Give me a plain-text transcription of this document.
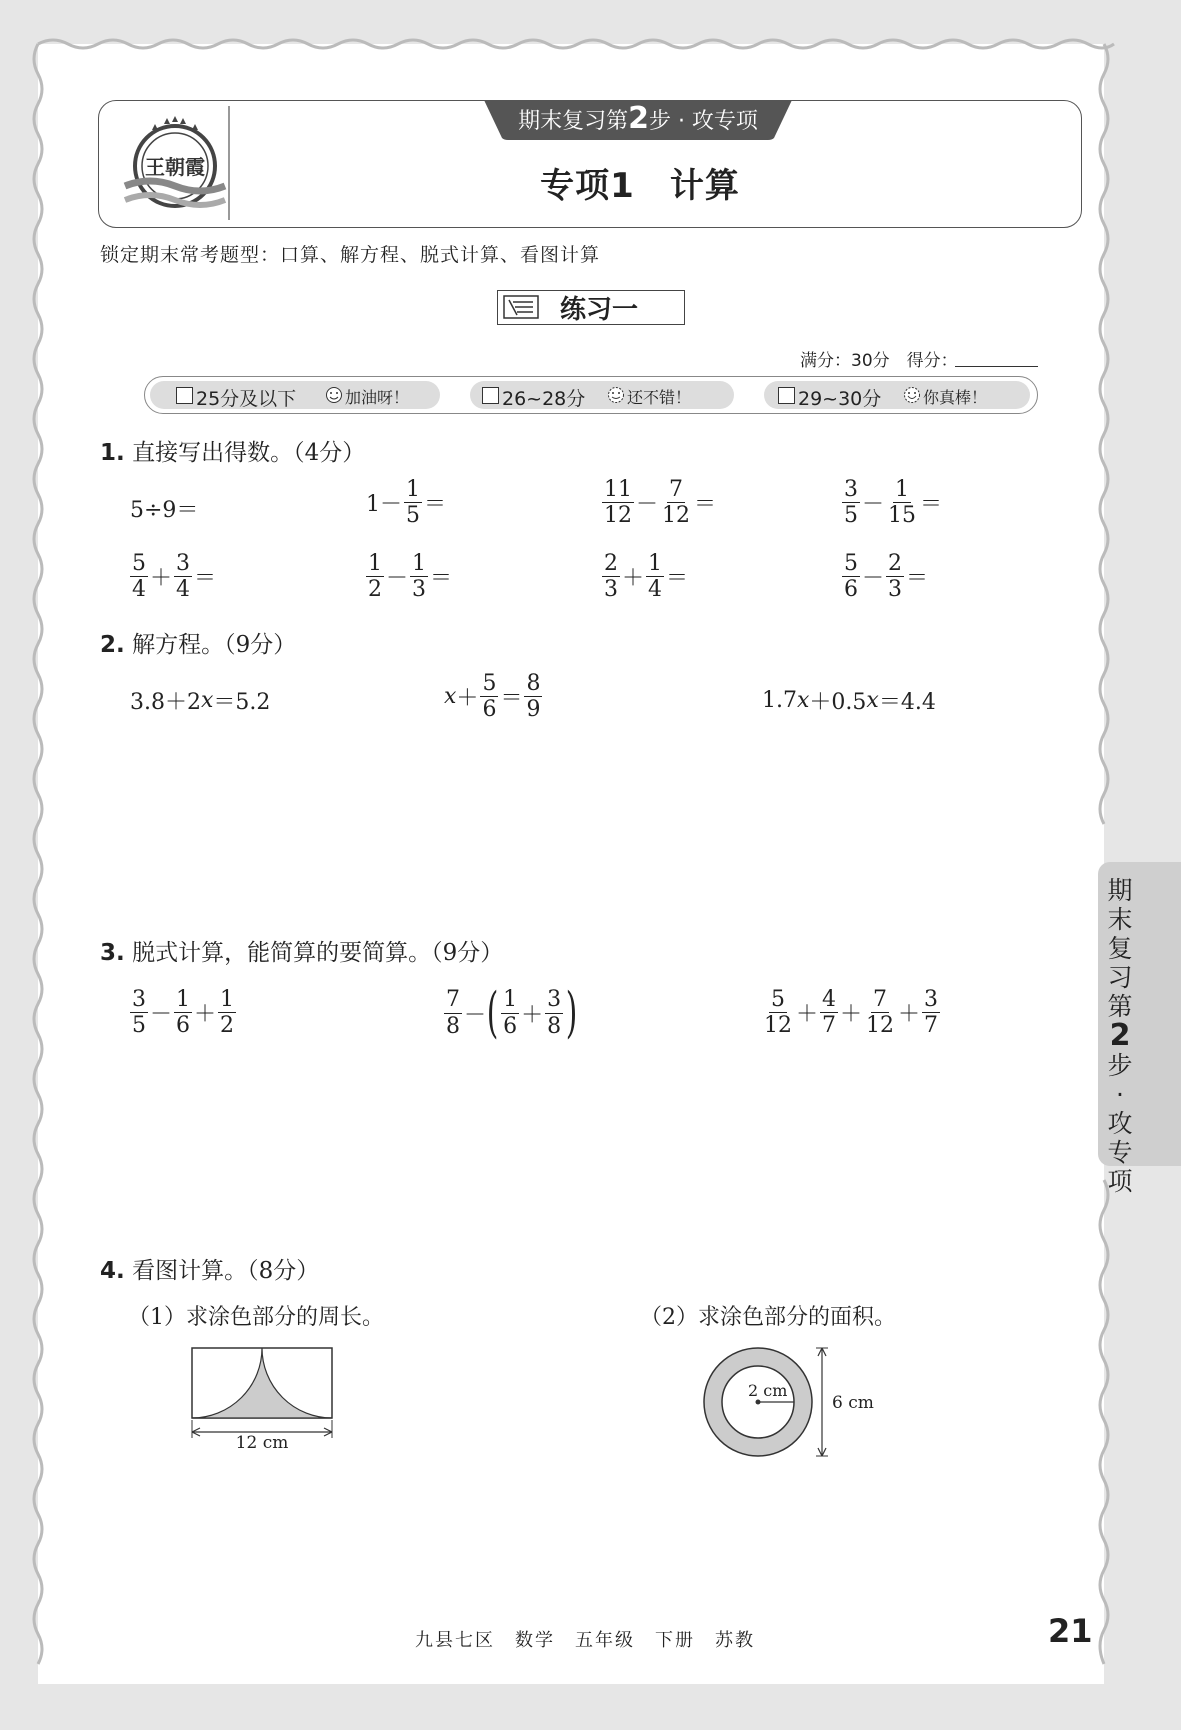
王朝霞
期末复习第2步 · 攻专项
专项1　计算
锁定期末常考题型：口算、解方程、脱式计算、看图计算
练习一
满分：30分　 得分：
25分及以下	加油呀！	26~28分	还不错！	29~30分	你真棒！
1. 直接写出得数。（4分）
5÷9＝	$1- \frac{1}{5}$ ＝	$\frac{11}{12} - \frac{7}{12}$ ＝	$\frac{3}{5} - \frac{1}{15}$ ＝
$\frac{5}{4} + \frac{3}{4}$ ＝	$\frac{1}{2} - \frac{1}{3}$ ＝	$\frac{2}{3} + \frac{1}{4}$ ＝	$\frac{5}{6} - \frac{2}{3}$ ＝
2. 解方程。（9分）
3.8＋2 x ＝5.2	$x + \frac{5}{6} = \frac{8}{9}$	1.7 x ＋0.5 x ＝4.4
3. 脱式计算，能简算的要简算。（9分）
$\frac{3}{5} - \frac{1}{6} + \frac{1}{2}$	$\frac{7}{8}$ － ( $\frac{1}{6} + \frac{3}{8}$ )	$\frac{5}{12} + \frac{4}{7} + \frac{7}{12} + \frac{3}{7}$
4. 看图计算。（8分）
（1）求涂色部分的周长。	（2）求涂色部分的面积。
12 cm
2 cm
6 cm
期末复习第2步·攻专项
九县七区　数学　五年级　下册　苏教	21
